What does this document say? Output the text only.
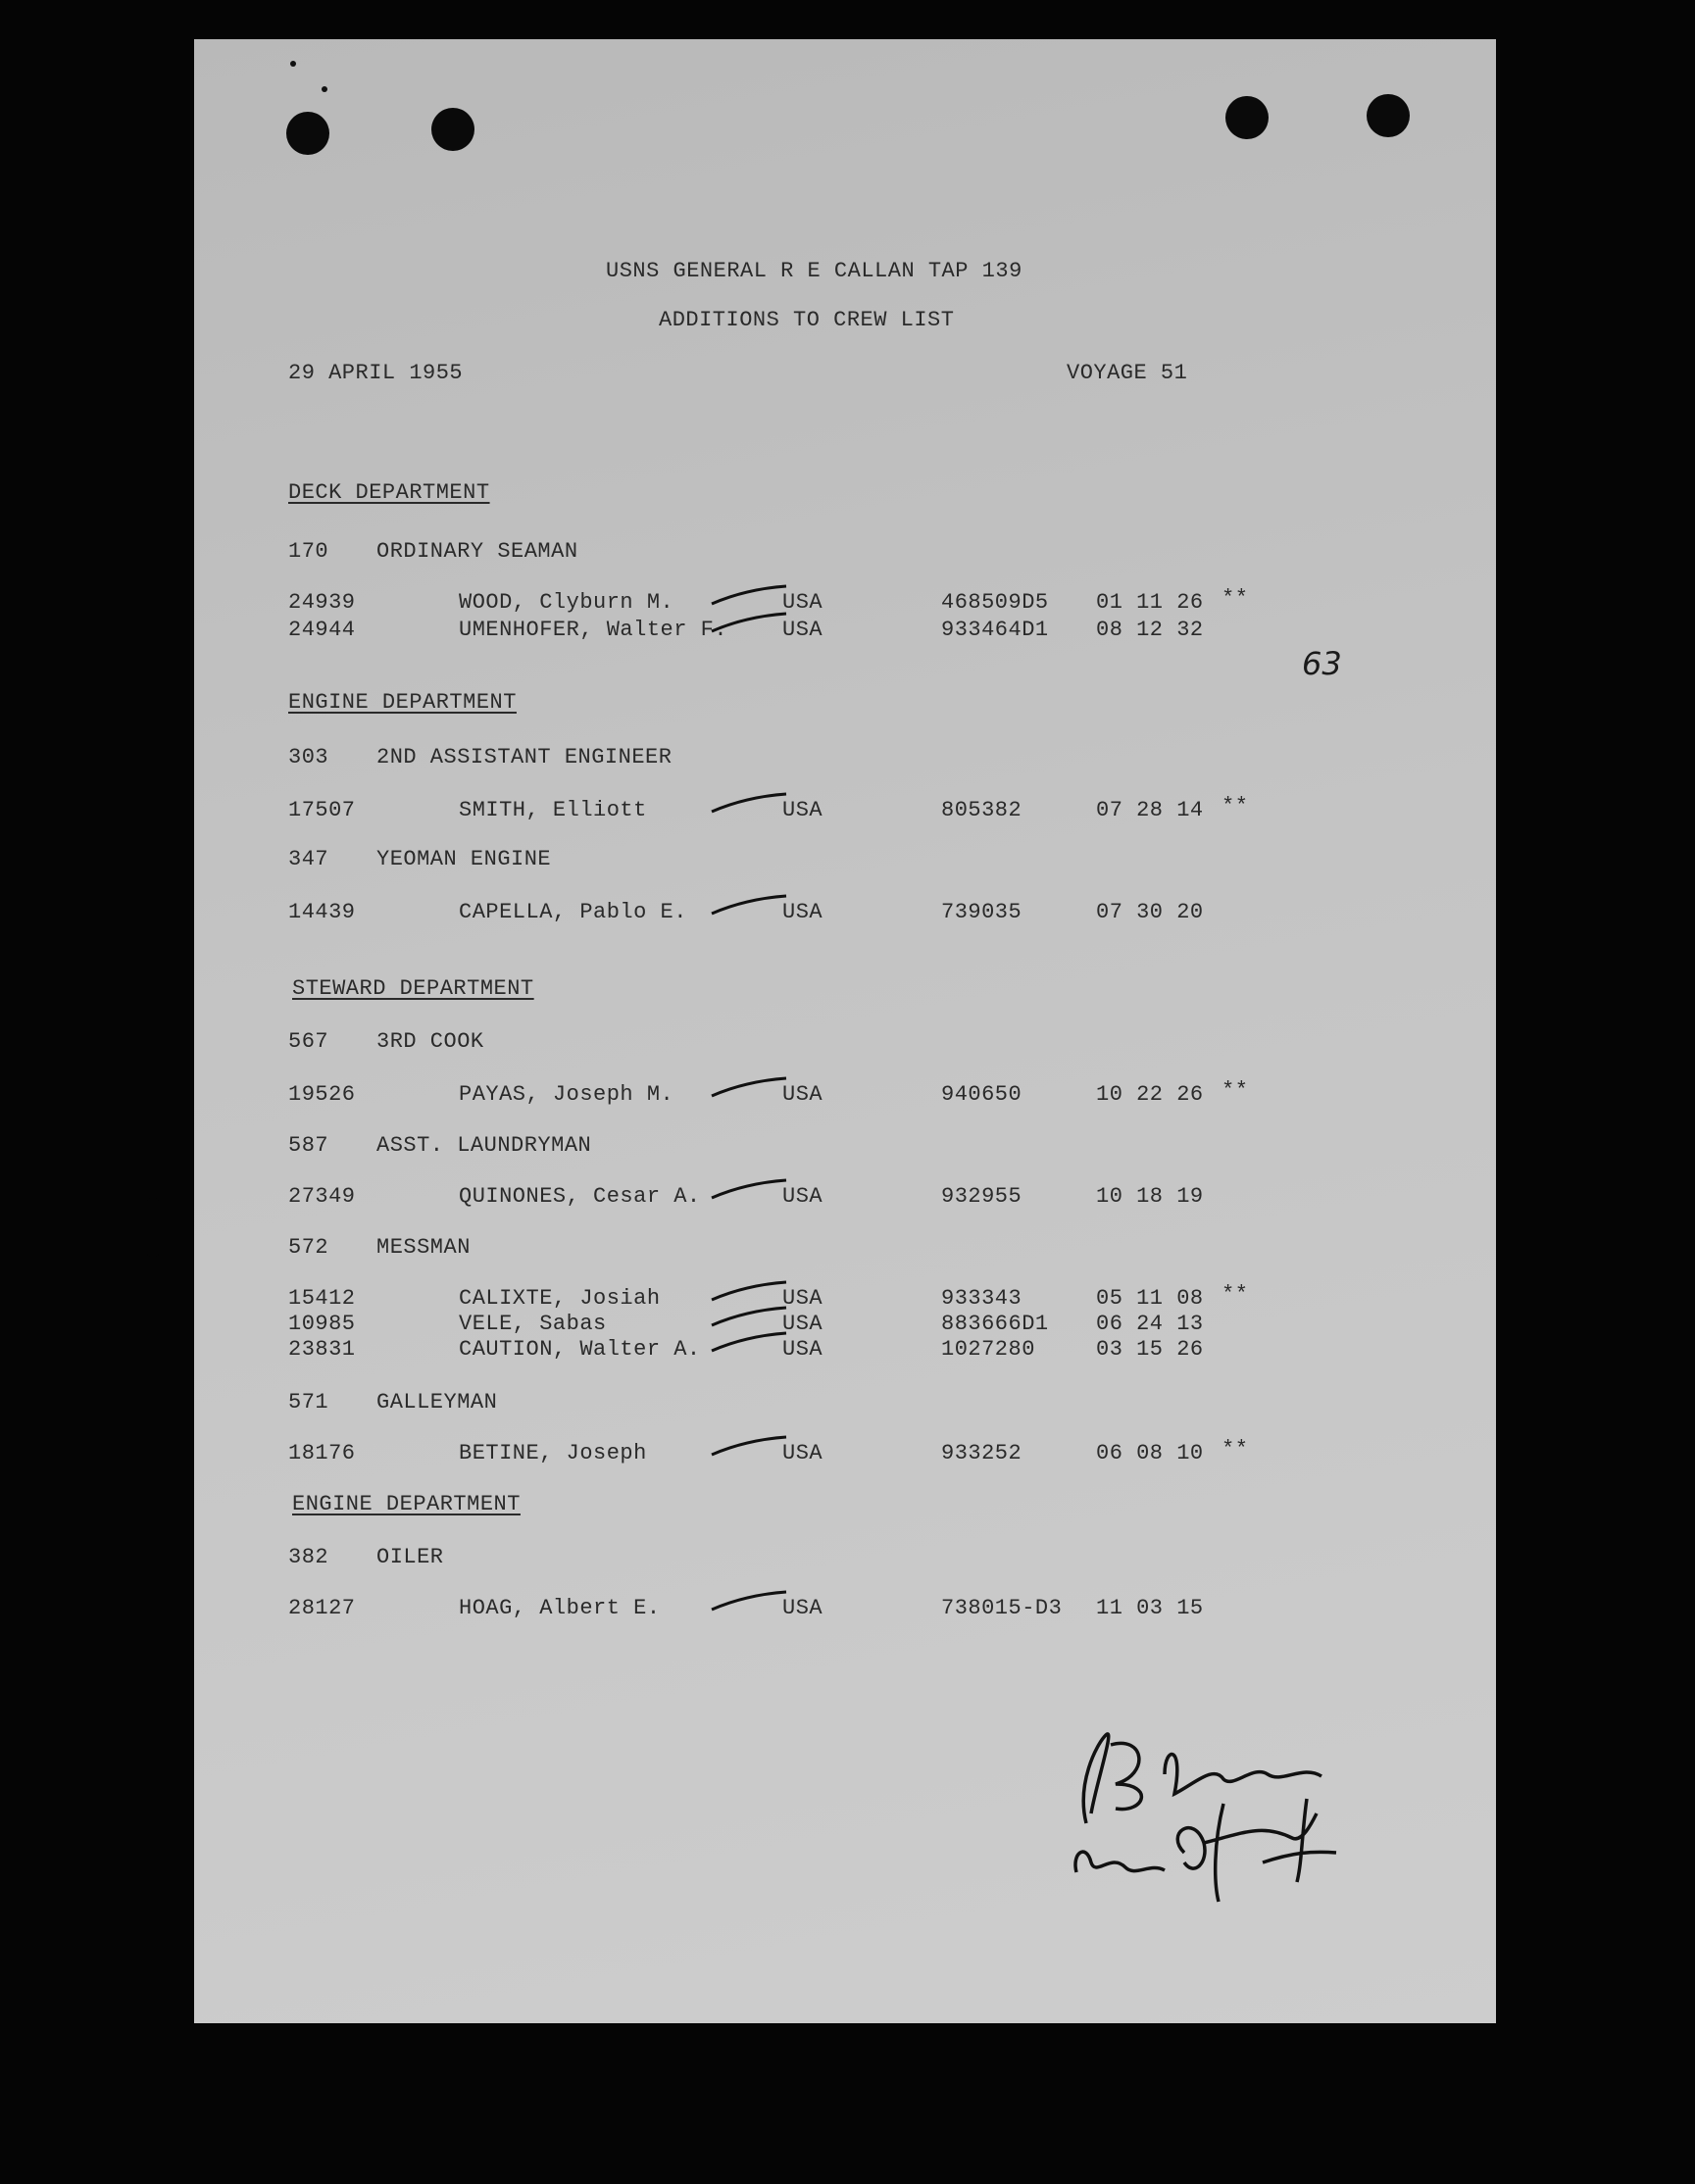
USNS GENERAL R E CALLAN TAP 139
ADDITIONS TO CREW LIST
29 APRIL 1955	VOYAGE 51
63
DECK DEPARTMENT
170 ORDINARY SEAMAN
24939	WOOD, Clyburn M.	USA	468509D5 01 11 26 **
24944	UMENHOFER, Walter F.	USA	933464D1 08 12 32
ENGINE DEPARTMENT
303 2ND ASSISTANT ENGINEER
17507	SMITH, Elliott	USA	805382	07 28 14 **
347 YEOMAN ENGINE
14439	CAPELLA, Pablo E.	USA	739035	07 30 20
STEWARD DEPARTMENT
567 3RD COOK
19526	PAYAS, Joseph M.	USA	940650	10 22 26 **
587 ASST. LAUNDRYMAN
27349	QUINONES, Cesar A.	USA	932955	10 18 19
572 MESSMAN
15412	CALIXTE, Josiah	USA	933343	05 11 08 **
10985	VELE, Sabas	USA	883666D1 06 24 13
23831	CAUTION, Walter A.	USA	1027280	03 15 26
571 GALLEYMAN
18176	BETINE, Joseph	USA	933252	06 08 10 **
ENGINE DEPARTMENT
382 OILER
28127	HOAG, Albert E.	USA	738015-D3 11 03 15
